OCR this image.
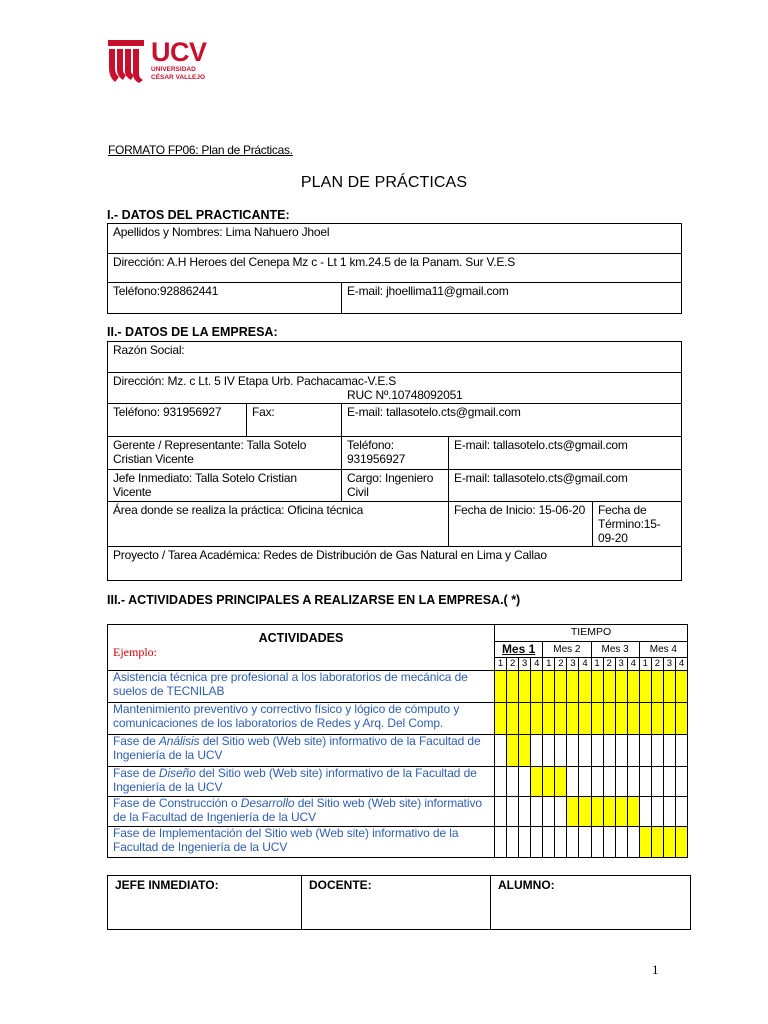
UCV
UNIVERSIDAD
CÉSAR VALLEJO
FORMATO FP06: Plan de Prácticas.
PLAN DE PRÁCTICAS
I.- DATOS DEL PRACTICANTE:
Apellidos y Nombres: Lima Nahuero Jhoel
Dirección: A.H Heroes del Cenepa Mz c - Lt 1 km.24.5 de la Panam. Sur V.E.S
Teléfono:928862441	E-mail: jhoellima11@gmail.com
II.- DATOS DE LA EMPRESA:
Razón Social:				
Dirección: Mz. c Lt. 5 IV Etapa Urb. Pachacamac-V.E.S
RUC Nº.10748092051				

Teléfono: 931956927	Fax:	E-mail: tallasotelo.cts@gmail.com		
Gerente / Representante: Talla Sotelo Cristian Vicente		Teléfono: 931956927	E-mail: tallasotelo.cts@gmail.com	
Jefe Inmediato: Talla Sotelo Cristian Vicente		Cargo: Ingeniero Civil	E-mail: tallasotelo.cts@gmail.com	
Área donde se realiza la práctica: Oficina técnica			Fecha de Inicio: 15-06-20	Fecha de Término:15-09-20
Proyecto / Tarea Académica: Redes de Distribución de Gas Natural en Lima y Callao				
III.- ACTIVIDADES PRINCIPALES A REALIZARSE EN LA EMPRESA.( *)
ACTIVIDADES
Ejemplo:	TIEMPO															
	Mes 1				Mes 2				Mes 3				Mes 4			
	1	2	3	4	1	2	3	4	1	2	3	4	1	2	3	4
Asistencia técnica pre profesional a los laboratorios de mecánica de suelos de TECNILAB																
Mantenimiento preventivo y correctivo físico y lógico de cómputo y comunicaciones de los laboratorios de Redes y Arq. Del Comp.																
Fase de Análisis del Sitio web (Web site) informativo de la Facultad de Ingeniería de la UCV																
Fase de Diseño del Sitio web (Web site) informativo de la Facultad de Ingeniería de la UCV																
Fase de Construcción o Desarrollo del Sitio web (Web site) informativo de la Facultad de Ingeniería de la UCV																
Fase de Implementación del Sitio web (Web site) informativo de la Facultad de Ingeniería de la UCV																
JEFE INMEDIATO:	DOCENTE:	ALUMNO:
1
